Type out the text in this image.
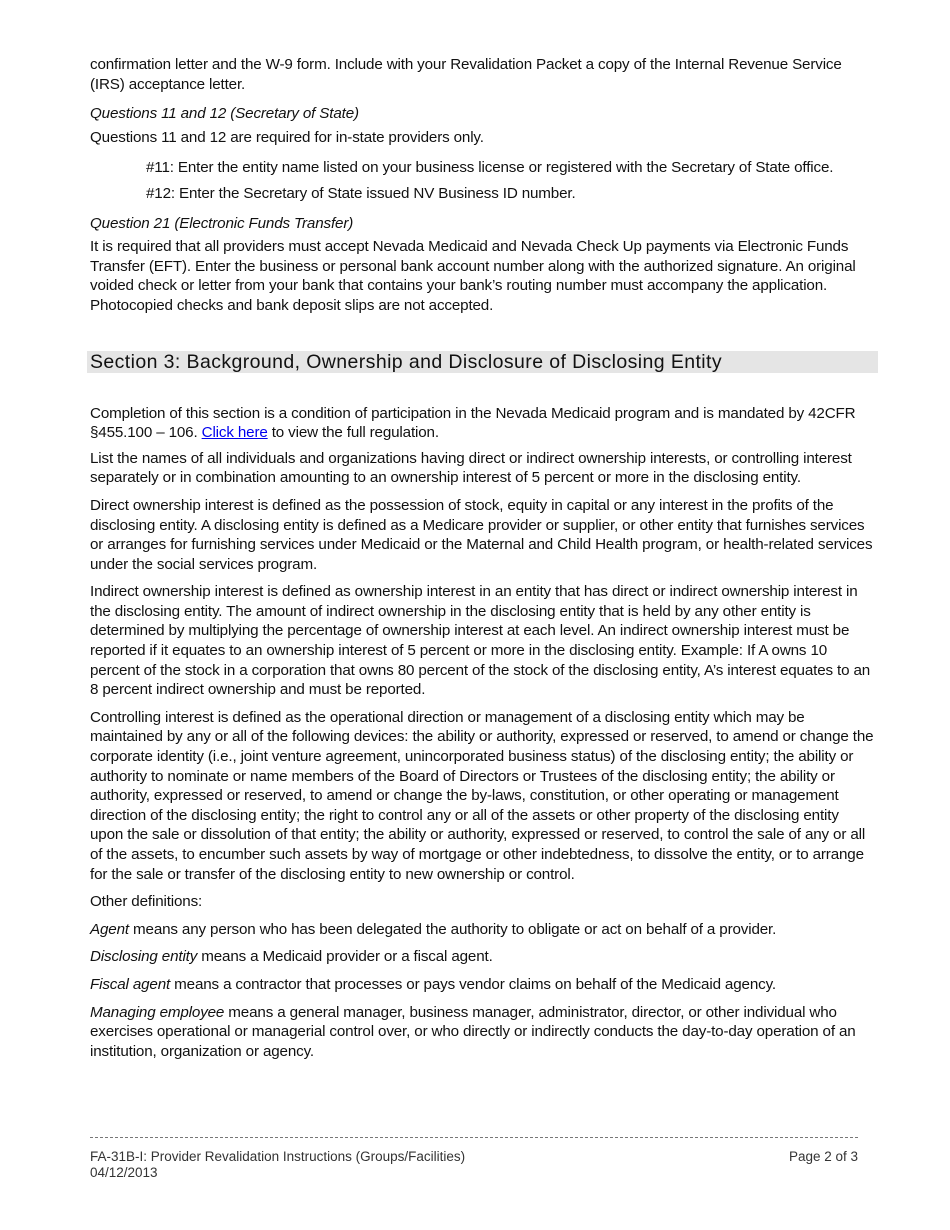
confirmation letter and the W-9 form. Include with your Revalidation Packet a copy of the Internal Revenue Service (IRS) acceptance letter.

Questions 11 and 12 (Secretary of State)

Questions 11 and 12 are required for in-state providers only.

#11: Enter the entity name listed on your business license or registered with the Secretary of State office.

#12: Enter the Secretary of State issued NV Business ID number.

Question 21 (Electronic Funds Transfer)

It is required that all providers must accept Nevada Medicaid and Nevada Check Up payments via Electronic Funds Transfer (EFT). Enter the business or personal bank account number along with the authorized signature. An original voided check or letter from your bank that contains your bank’s routing number must accompany the application. Photocopied checks and bank deposit slips are not accepted.

Section 3: Background, Ownership and Disclosure of Disclosing Entity

Completion of this section is a condition of participation in the Nevada Medicaid program and is mandated by 42CFR §455.100 – 106. Click here to view the full regulation.

List the names of all individuals and organizations having direct or indirect ownership interests, or controlling interest separately or in combination amounting to an ownership interest of 5 percent or more in the disclosing entity.

Direct ownership interest is defined as the possession of stock, equity in capital or any interest in the profits of the disclosing entity. A disclosing entity is defined as a Medicare provider or supplier, or other entity that furnishes services or arranges for furnishing services under Medicaid or the Maternal and Child Health program, or health-related services under the social services program.

Indirect ownership interest is defined as ownership interest in an entity that has direct or indirect ownership interest in the disclosing entity. The amount of indirect ownership in the disclosing entity that is held by any other entity is determined by multiplying the percentage of ownership interest at each level. An indirect ownership interest must be reported if it equates to an ownership interest of 5 percent or more in the disclosing entity. Example: If A owns 10 percent of the stock in a corporation that owns 80 percent of the stock of the disclosing entity, A’s interest equates to an 8 percent indirect ownership and must be reported.

Controlling interest is defined as the operational direction or management of a disclosing entity which may be maintained by any or all of the following devices: the ability or authority, expressed or reserved, to amend or change the corporate identity (i.e., joint venture agreement, unincorporated business status) of the disclosing entity; the ability or authority to nominate or name members of the Board of Directors or Trustees of the disclosing entity; the ability or authority, expressed or reserved, to amend or change the by-laws, constitution, or other operating or management direction of the disclosing entity; the right to control any or all of the assets or other property of the disclosing entity upon the sale or dissolution of that entity; the ability or authority, expressed or reserved, to control the sale of any or all of the assets, to encumber such assets by way of mortgage or other indebtedness, to dissolve the entity, or to arrange for the sale or transfer of the disclosing entity to new ownership or control.

Other definitions:

Agent means any person who has been delegated the authority to obligate or act on behalf of a provider.

Disclosing entity means a Medicaid provider or a fiscal agent.

Fiscal agent means a contractor that processes or pays vendor claims on behalf of the Medicaid agency.

Managing employee means a general manager, business manager, administrator, director, or other individual who exercises operational or managerial control over, or who directly or indirectly conducts the day-to-day operation of an institution, organization or agency.

FA-31B-I: Provider Revalidation Instructions (Groups/Facilities)	Page 2 of 3
04/12/2013
